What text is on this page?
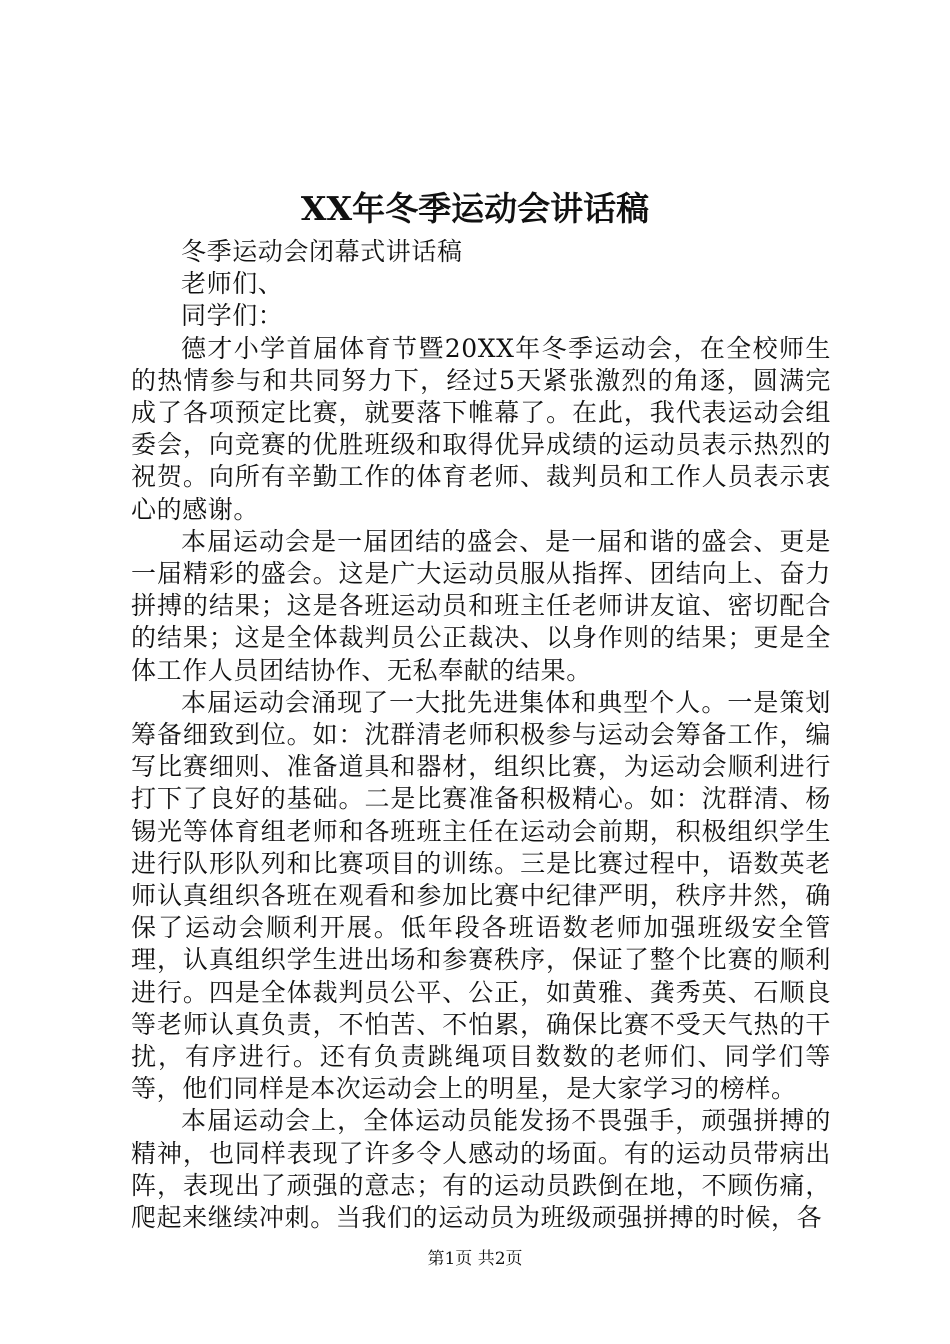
XX年冬季运动会讲话稿

冬季运动会闭幕式讲话稿

老师们、

同学们：

德才小学首届体育节暨20XX年冬季运动会，在全校师生的热情参与和共同努力下，经过5天紧张激烈的角逐，圆满完成了各项预定比赛，就要落下帷幕了。在此，我代表运动会组委会，向竞赛的优胜班级和取得优异成绩的运动员表示热烈的祝贺。向所有辛勤工作的体育老师、裁判员和工作人员表示衷心的感谢。

本届运动会是一届团结的盛会、是一届和谐的盛会、更是一届精彩的盛会。这是广大运动员服从指挥、团结向上、奋力拼搏的结果；这是各班运动员和班主任老师讲友谊、密切配合的结果；这是全体裁判员公正裁决、以身作则的结果；更是全体工作人员团结协作、无私奉献的结果。

本届运动会涌现了一大批先进集体和典型个人。一是策划筹备细致到位。如：沈群清老师积极参与运动会筹备工作，编写比赛细则、准备道具和器材，组织比赛，为运动会顺利进行打下了良好的基础。二是比赛准备积极精心。如：沈群清、杨锡光等体育组老师和各班班主任在运动会前期，积极组织学生进行队形队列和比赛项目的训练。三是比赛过程中，语数英老师认真组织各班在观看和参加比赛中纪律严明，秩序井然，确保了运动会顺利开展。低年段各班语数老师加强班级安全管理，认真组织学生进出场和参赛秩序，保证了整个比赛的顺利进行。四是全体裁判员公平、公正，如黄雅、龚秀英、石顺良等老师认真负责，不怕苦、不怕累，确保比赛不受天气热的干扰，有序进行。还有负责跳绳项目数数的老师们、同学们等等，他们同样是本次运动会上的明星，是大家学习的榜样。

本届运动会上，全体运动员能发扬不畏强手，顽强拼搏的精神，也同样表现了许多令人感动的场面。有的运动员带病出阵，表现出了顽强的意志；有的运动员跌倒在地，不顾伤痛，爬起来继续冲刺。当我们的运动员为班级顽强拼搏的时候，各

第1页 共2页
